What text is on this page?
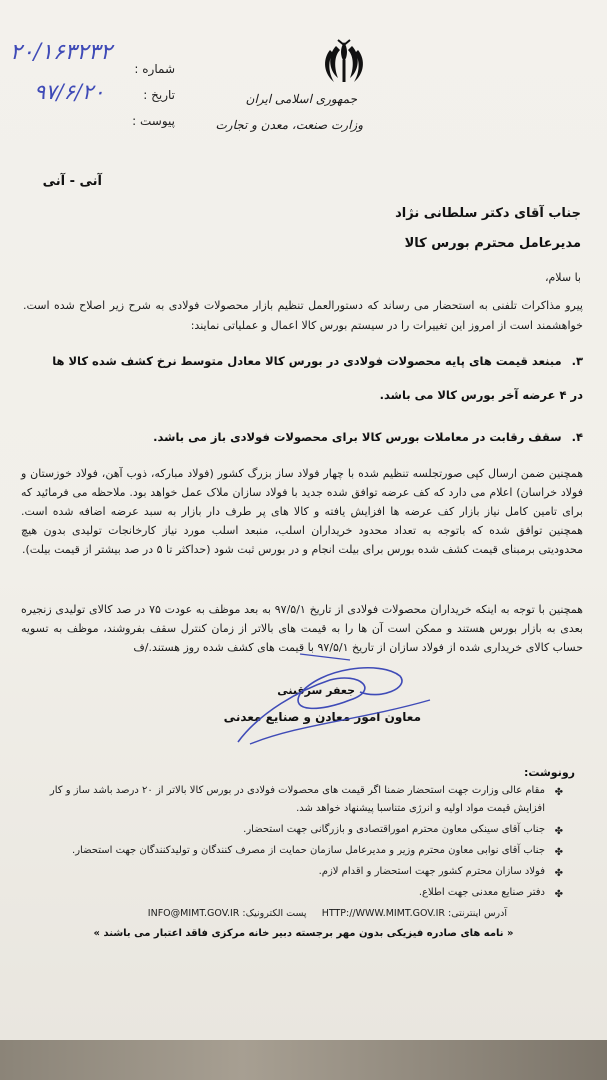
شماره :
۲۰/۱۶۳۲۳۲
تاریخ :
۹۷/۶/۲۰
پیوست :
جمهوری اسلامی ایران
وزارت صنعت، معدن و تجارت
آنی - آنی
جناب آقای دکتر سلطانی نژاد
مدیرعامل محترم بورس کالا
با سلام،
پیرو مذاکرات تلفنی به استحضار می رساند که دستورالعمل تنظیم بازار محصولات فولادی به شرح زیر اصلاح شده است. خواهشمند است از امروز این تغییرات را در سیستم بورس کالا اعمال و عملیاتی نمایند:
۳.مبنعد قیمت های پایه محصولات فولادی در بورس کالا معادل متوسط نرخ کشف شده کالا ها در ۴ عرضه آخر بورس کالا می باشد.
۴.سقف رقابت در معاملات بورس کالا برای محصولات فولادی باز می باشد.
همچنین ضمن ارسال کپی صورتجلسه تنظیم شده با چهار فولاد ساز بزرگ کشور (فولاد مبارکه، ذوب آهن، فولاد خوزستان و فولاد خراسان) اعلام می دارد که کف عرضه توافق شده جدید با فولاد سازان ملاک عمل خواهد بود. ملاحظه می فرمائید که برای تامین کامل نیاز بازار کف عرضه ها افزایش یافته و کالا های پر طرف دار بازار به سبد عرضه اضافه شده است. همچنین توافق شده که باتوجه به تعداد محدود خریداران اسلب، منبعد اسلب مورد نیاز کارخانجات تولیدی بدون هیچ محدودیتی برمبنای قیمت کشف شده بورس برای بیلت انجام و در بورس ثبت شود (حداکثر تا ۵ در صد بیشتر از قیمت بیلت).
همچنین با توجه به اینکه خریداران محصولات فولادی از تاریخ ۹۷/۵/۱ به بعد موظف به عودت ۷۵ در صد کالای تولیدی زنجیره بعدی به بازار بورس هستند و ممکن است آن ها را به قیمت های بالاتر از زمان کنترل سقف بفروشند، موظف به تسویه حساب کالای خریداری شده از فولاد سازان از تاریخ ۹۷/۵/۱ با قیمت های کشف شده روز هستند./ف
جعفر سرقینی
معاون امور معادن و صنایع معدنی
رونوشت:
✤
مقام عالی وزارت جهت استحضار ضمنا اگر قیمت های محصولات فولادی در بورس کالا بالاتر از ۲۰ درصد باشد ساز و کار افزایش قیمت مواد اولیه و انرژی متناسبا پیشنهاد خواهد شد.
✤
جناب آقای سینکی معاون محترم اموراقتصادی و بازرگانی جهت استحضار.
✤
جناب آقای نوابی معاون محترم وزیر و مدیرعامل سازمان حمایت از مصرف کنندگان و تولیدکنندگان جهت استحضار.
✤
فولاد سازان محترم کشور جهت استحضار و اقدام لازم.
✤
دفتر صنایع معدنی جهت اطلاع.
آدرس اینترنتی: HTTP://WWW.MIMT.GOV.IR     پست الکترونیک: INFO@MIMT.GOV.IR
« نامه های صادره فیزیکی بدون مهر برجسته دبیر خانه مرکزی فاقد اعتبار می باشند »
